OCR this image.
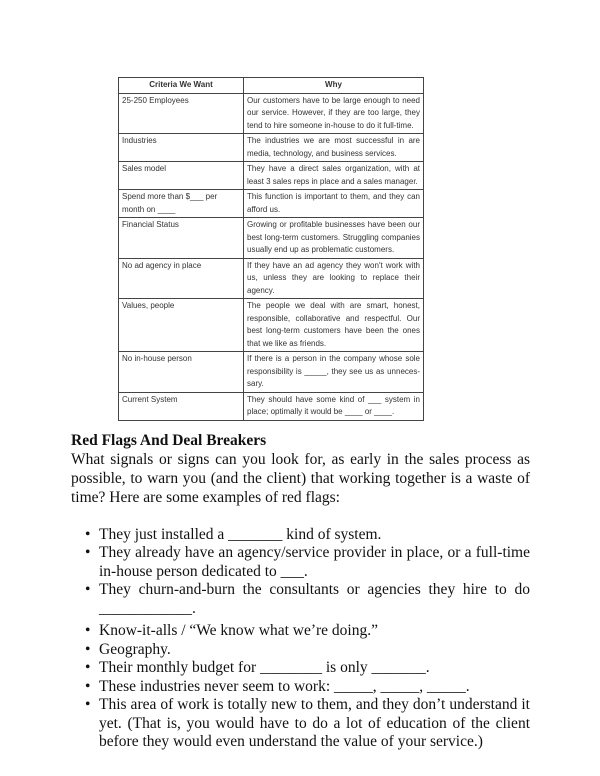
Criteria We Want	Why
25-250 Employees	Our customers have to be large enough to need our service. However, if they are too large, they tend to hire someone in-house to do it full-time.
Industries	The industries we are most successful in are media, technology, and business services.
Sales model	They have a direct sales organization, with at least 3 sales reps in place and a sales manager.
Spend more than $___ per month on ____	This function is important to them, and they can afford us.
Financial Status	Growing or profitable businesses have been our best long-term customers. Struggling companies usually end up as problematic customers.
No ad agency in place	If they have an ad agency they won't work with us, unless they are looking to replace their agency.
Values, people	The people we deal with are smart, honest, responsible, collaborative and respectful. Our best long-term customers have been the ones that we like as friends.
No in-house person	If there is a person in the company whose sole responsibility is _____, they see us as unneces-sary.
Current System	They should have some kind of ___ system in place; optimally it would be ____ or ____.
Red Flags And Deal Breakers

What signals or signs can you look for, as early in the sales process as possible, to warn you (and the client) that working together is a waste of time? Here are some examples of red flags:

• They just installed a _______ kind of system.
• They already have an agency/service provider in place, or a full-time in-house person dedicated to ___.
• They churn-and-burn the consultants or agencies they hire to do ____________.
• Know-it-alls / “We know what we’re doing.”
• Geography.
• Their monthly budget for ________ is only _______.
• These industries never seem to work: _____, _____, _____.
• This area of work is totally new to them, and they don’t understand it yet. (That is, you would have to do a lot of education of the client before they would even understand the value of your service.)
